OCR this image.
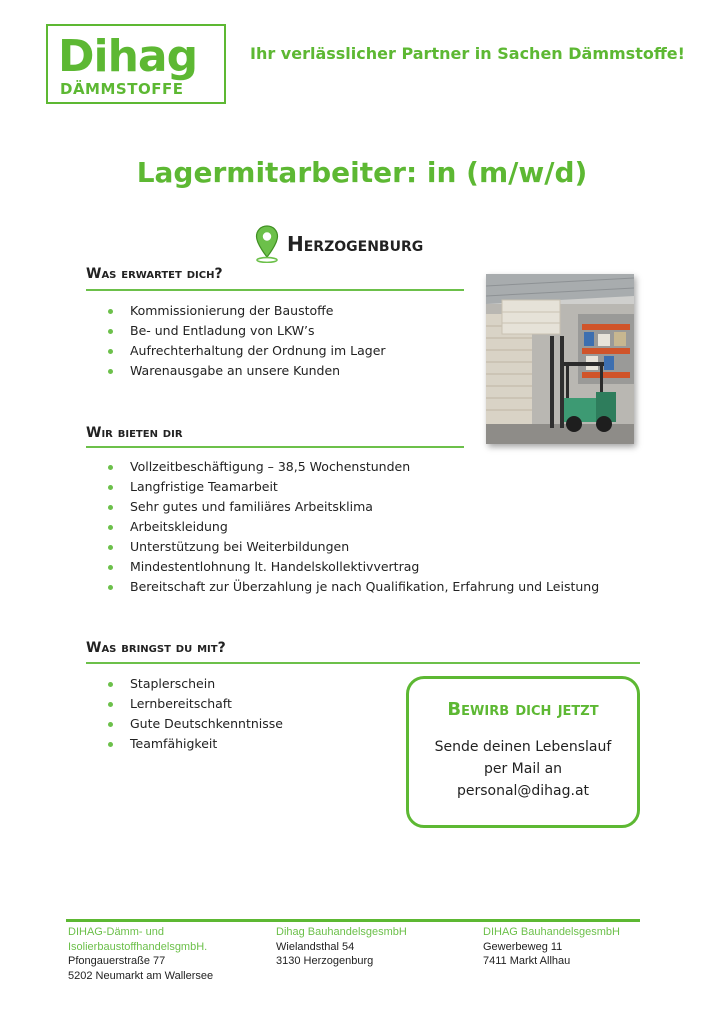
Dihag
DÄMMSTOFFE
Ihr verlässlicher Partner in Sachen Dämmstoffe!
Lagermitarbeiter: in (m/w/d)
Herzogenburg
Was erwartet dich?
Kommissionierung der Baustoffe
Be- und Entladung von LKW’s
Aufrechterhaltung der Ordnung im Lager
Warenausgabe an unsere Kunden
Wir bieten dir
Vollzeitbeschäftigung – 38,5 Wochenstunden
Langfristige Teamarbeit
Sehr gutes und familiäres Arbeitsklima
Arbeitskleidung
Unterstützung bei Weiterbildungen
Mindestentlohnung lt. Handelskollektivvertrag
Bereitschaft zur Überzahlung je nach Qualifikation, Erfahrung und Leistung
Was bringst du mit?
Staplerschein
Lernbereitschaft
Gute Deutschkenntnisse
Teamfähigkeit
Bewirb dich jetzt
Sende deinen Lebenslauf
per Mail an
personal@dihag.at
DIHAG-Dämm- und
IsolierbaustoffhandelsgmbH.
Pfongauerstraße 77
5202 Neumarkt am Wallersee
Dihag BauhandelsgesmbH
Wielandsthal 54
3130 Herzogenburg
DIHAG BauhandelsgesmbH
Gewerbeweg 11
7411 Markt Allhau
